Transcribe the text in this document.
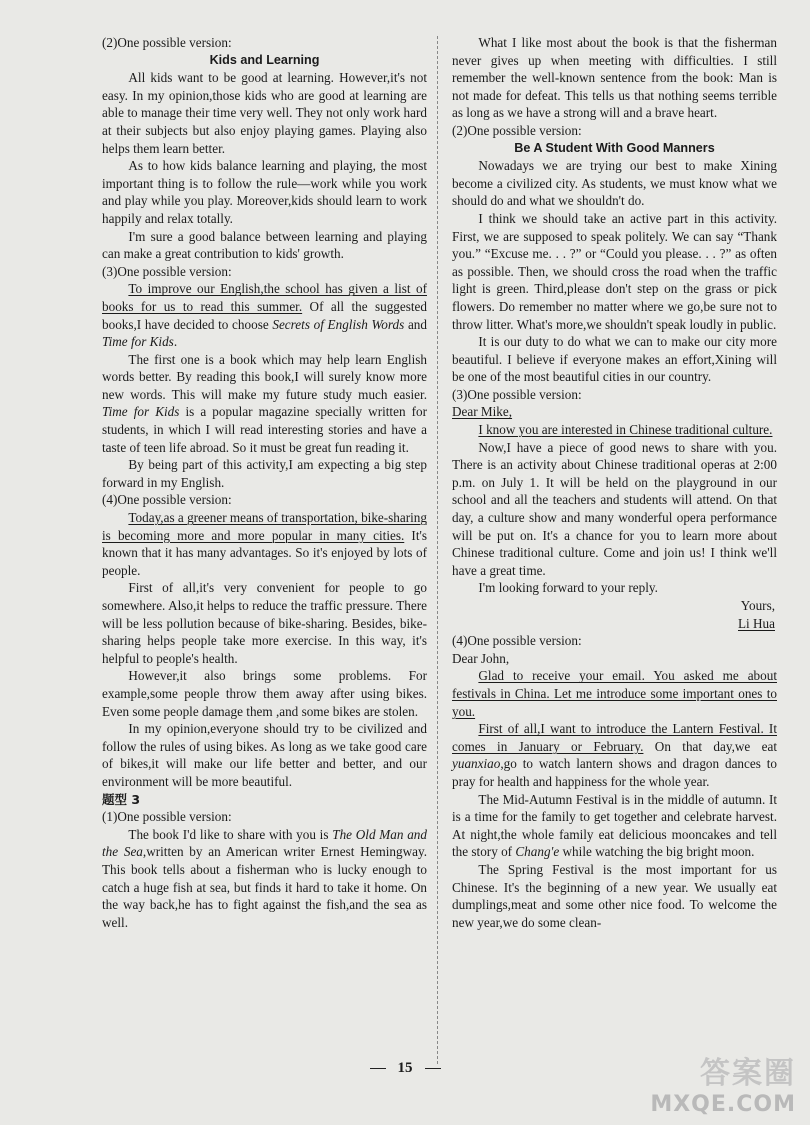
(2)One possible version:

Kids and Learning

All kids want to be good at learning. However,it's not easy. In my opinion,those kids who are good at learning are able to manage their time very well. They not only work hard at their subjects but also enjoy playing games. Playing also helps them learn better.

As to how kids balance learning and playing, the most important thing is to follow the rule—work while you work and play while you play. Moreover,kids should learn to work happily and relax totally.

I'm sure a good balance between learning and playing can make a great contribution to kids' growth.

(3)One possible version:

To improve our English,the school has given a list of books for us to read this summer. Of all the suggested books,I have decided to choose Secrets of English Words and Time for Kids.

The first one is a book which may help learn English words better. By reading this book,I will surely know more new words. This will make my future study much easier. Time for Kids is a popular magazine specially written for students, in which I will read interesting stories and have a taste of teen life abroad. So it must be great fun reading it.

By being part of this activity,I am expecting a big step forward in my English.

(4)One possible version:

Today,as a greener means of transportation, bike-sharing is becoming more and more popular in many cities. It's known that it has many advantages. So it's enjoyed by lots of people.

First of all,it's very convenient for people to go somewhere. Also,it helps to reduce the traffic pressure. There will be less pollution because of bike-sharing. Besides, bike-sharing helps people take more exercise. In this way, it's helpful to people's health.

However,it also brings some problems. For example,some people throw them away after using bikes. Even some people damage them ,and some bikes are stolen.

In my opinion,everyone should try to be civilized and follow the rules of using bikes. As long as we take good care of bikes,it will make our life better and better, and our environment will be more beautiful.

题型 3

(1)One possible version:

The book I'd like to share with you is The Old Man and the Sea,written by an American writer Ernest Hemingway. This book tells about a fisherman who is lucky enough to catch a huge fish at sea, but finds it hard to take it home. On the way back,he has to fight against the fish,and the sea as well.

What I like most about the book is that the fisherman never gives up when meeting with difficulties. I still remember the well-known sentence from the book: Man is not made for defeat. This tells us that nothing seems terrible as long as we have a strong will and a brave heart.

(2)One possible version:

Be A Student With Good Manners

Nowadays we are trying our best to make Xining become a civilized city. As students, we must know what we should do and what we shouldn't do.

I think we should take an active part in this activity. First, we are supposed to speak politely. We can say “Thank you.” “Excuse me. . . ?” or “Could you please. . . ?” as often as possible. Then, we should cross the road when the traffic light is green. Third,please don't step on the grass or pick flowers. Do remember no matter where we go,be sure not to throw litter. What's more,we shouldn't speak loudly in public.

It is our duty to do what we can to make our city more beautiful. I believe if everyone makes an effort,Xining will be one of the most beautiful cities in our country.

(3)One possible version:

Dear Mike,

I know you are interested in Chinese traditional culture.

Now,I have a piece of good news to share with you. There is an activity about Chinese traditional operas at 2:00 p.m. on July 1. It will be held on the playground in our school and all the teachers and students will attend. On that day, a culture show and many wonderful opera performance will be put on. It's a chance for you to learn more about Chinese traditional culture. Come and join us! I think we'll have a great time.

I'm looking forward to your reply.

Yours,

Li Hua

(4)One possible version:

Dear John,

Glad to receive your email. You asked me about festivals in China. Let me introduce some important ones to you.

First of all,I want to introduce the Lantern Festival. It comes in January or February. On that day,we eat yuanxiao,go to watch lantern shows and dragon dances to pray for health and happiness for the whole year.

The Mid-Autumn Festival is in the middle of autumn. It is a time for the family to get together and celebrate harvest. At night,the whole family eat delicious mooncakes and tell the story of Chang'e while watching the big bright moon.

The Spring Festival is the most important for us Chinese. It's the beginning of a new year. We usually eat dumplings,meat and some other nice food. To welcome the new year,we do some clean-

15	答案圈
MXQE.COM
